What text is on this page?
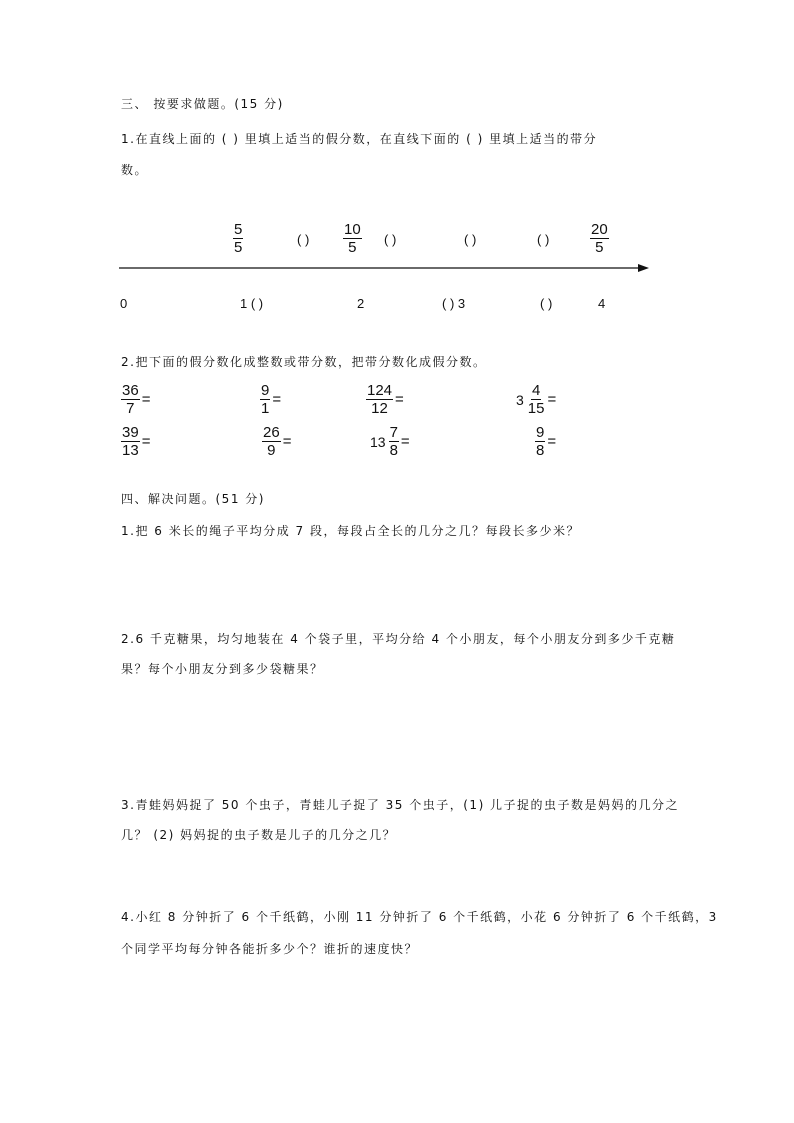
三、 按要求做题。(15 分)
1.在直线上面的 ( ) 里填上适当的假分数，在直线下面的 ( ) 里填上适当的带分
数。
$\frac{5}{5}$	( ) $\frac{10}{5}$ ( )	( )	( )	$\frac{20}{5}$
0	1 ( )	2	( ) 3	( )	4
2.把下面的假分数化成整数或带分数，把带分数化成假分数。
$\frac{36}{7}$ =	$\frac{9}{1}$ =	$\frac{124}{12}$ =	$3 \frac{4}{15}$ =
$\frac{39}{13}$ =	$\frac{26}{9}$ =	$13 \frac{7}{8}$ =	$\frac{9}{8}$ =
四、解决问题。(51 分)
1.把 6 米长的绳子平均分成 7 段，每段占全长的几分之几？每段长多少米？
2.6 千克糖果，均匀地装在 4 个袋子里，平均分给 4 个小朋友，每个小朋友分到多少千克糖
果？每个小朋友分到多少袋糖果？
3.青蛙妈妈捉了 50 个虫子，青蛙儿子捉了 35 个虫子，(1) 儿子捉的虫子数是妈妈的几分之
几？ (2) 妈妈捉的虫子数是儿子的几分之几？
4.小红 8 分钟折了 6 个千纸鹤，小刚 11 分钟折了 6 个千纸鹤，小花 6 分钟折了 6 个千纸鹤，3
个同学平均每分钟各能折多少个？谁折的速度快？
